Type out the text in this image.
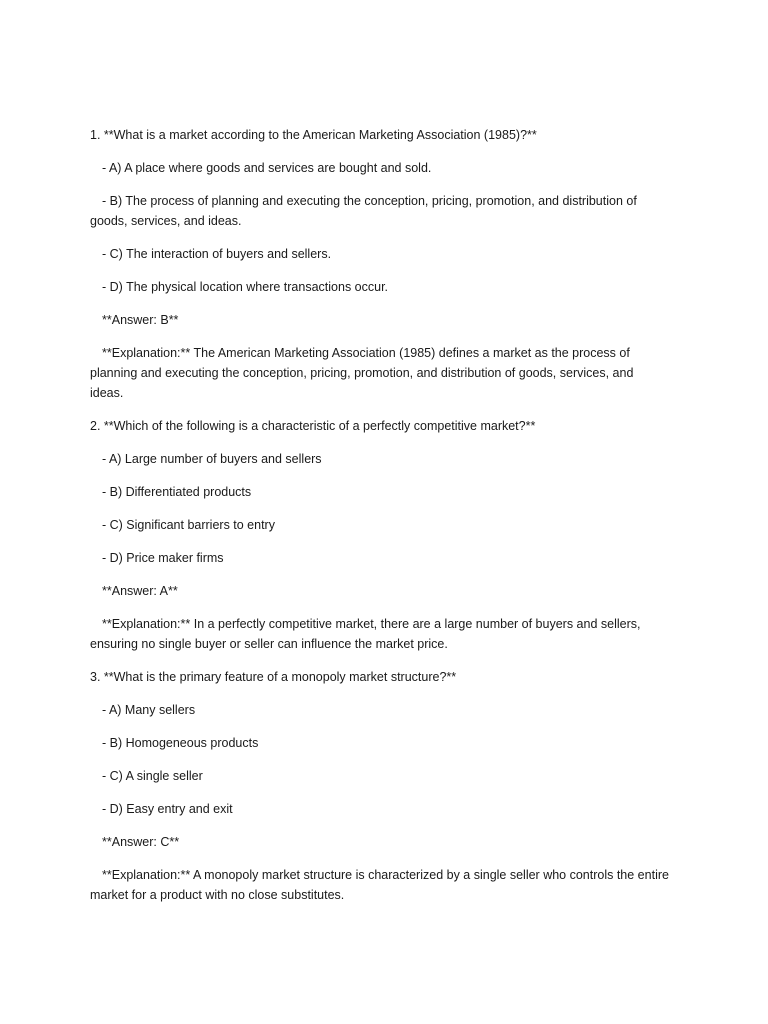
1. **What is a market according to the American Marketing Association (1985)?**

- A) A place where goods and services are bought and sold.

- B) The process of planning and executing the conception, pricing, promotion, and distribution of goods, services, and ideas.

- C) The interaction of buyers and sellers.

- D) The physical location where transactions occur.

**Answer: B**

**Explanation:** The American Marketing Association (1985) defines a market as the process of planning and executing the conception, pricing, promotion, and distribution of goods, services, and ideas.

2. **Which of the following is a characteristic of a perfectly competitive market?**

- A) Large number of buyers and sellers

- B) Differentiated products

- C) Significant barriers to entry

- D) Price maker firms

**Answer: A**

**Explanation:** In a perfectly competitive market, there are a large number of buyers and sellers, ensuring no single buyer or seller can influence the market price.

3. **What is the primary feature of a monopoly market structure?**

- A) Many sellers

- B) Homogeneous products

- C) A single seller

- D) Easy entry and exit

**Answer: C**

**Explanation:** A monopoly market structure is characterized by a single seller who controls the entire market for a product with no close substitutes.
